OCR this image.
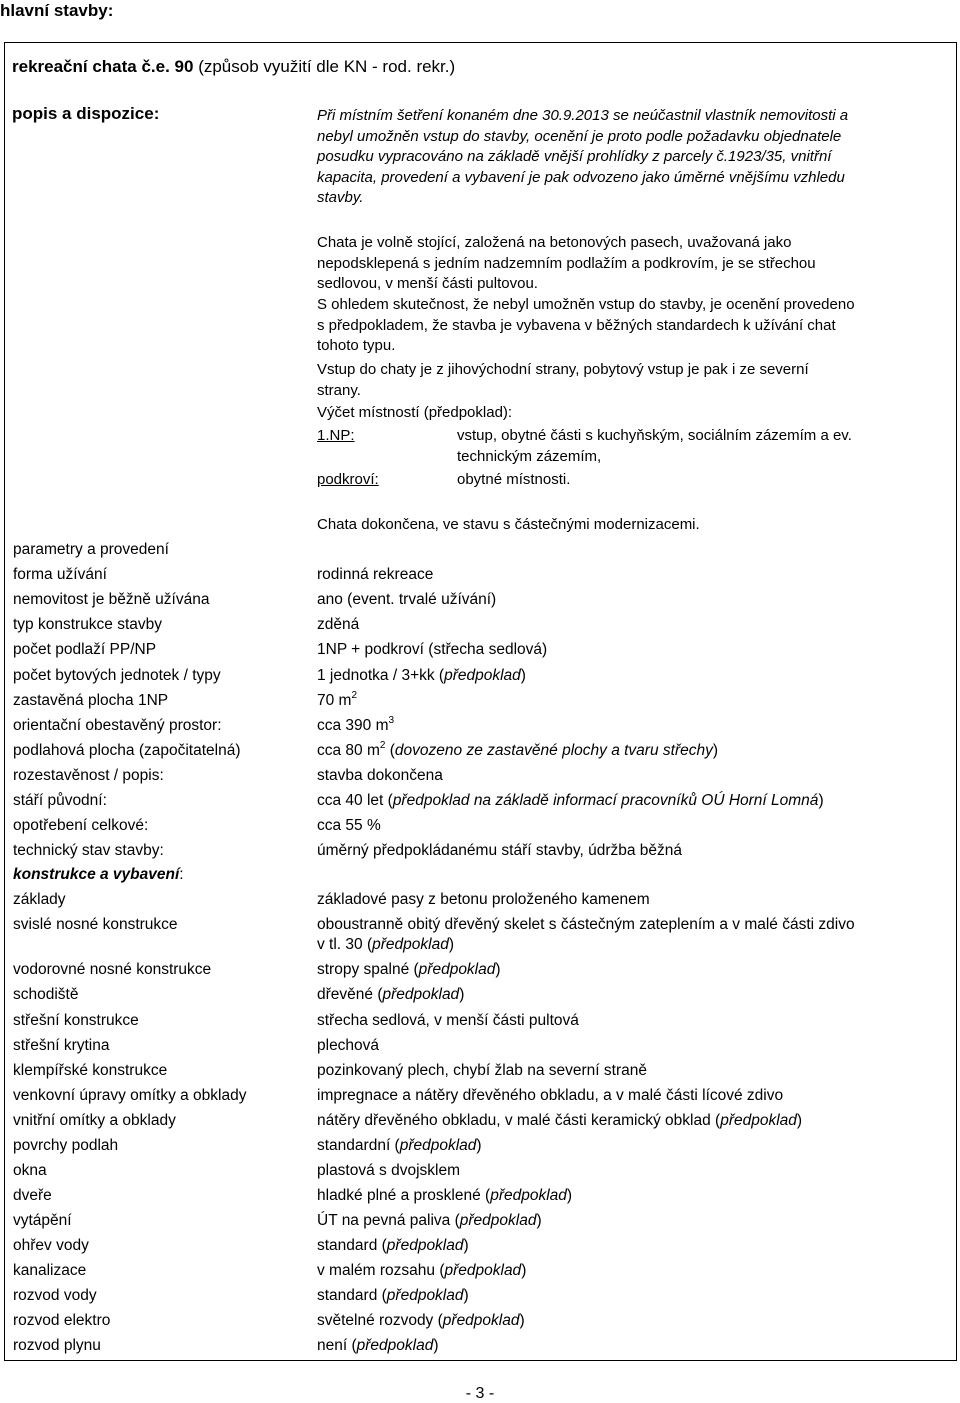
hlavní stavby:
rekreační chata č.e. 90 (způsob využití dle KN - rod. rekr.)
popis a dispozice:	Při místním šetření konaném dne 30.9.2013 se neúčastnil vlastník nemovitosti a
nebyl umožněn vstup do stavby, ocenění je proto podle požadavku objednatele
posudku vypracováno na základě vnější prohlídky z parcely č.1923/35, vnitřní
kapacita, provedení a vybavení je pak odvozeno jako úměrné vnějšímu vzhledu
stavby.
Chata je volně stojící, založená na betonových pasech, uvažovaná jako
nepodsklepená s jedním nadzemním podlažím a podkrovím, je se střechou
sedlovou, v menší části pultovou.
S ohledem skutečnost, že nebyl umožněn vstup do stavby, je ocenění provedeno
s předpokladem, že stavba je vybavena v běžných standardech k užívání chat
tohoto typu.
Vstup do chaty je z jihovýchodní strany, pobytový vstup je pak i ze severní
strany.
Výčet místností (předpoklad):
1.NP:	vstup, obytné části s kuchyňským, sociálním zázemím a ev.
technickým zázemím,
podkroví:	obytné místnosti.
Chata dokončena, ve stavu s částečnými modernizacemi.
parametry a provedení
forma užívání	rodinná rekreace
nemovitost je běžně užívána	ano (event. trvalé užívání)
typ konstrukce stavby	zděná
počet podlaží PP/NP	1NP + podkroví (střecha sedlová)
počet bytových jednotek / typy	1 jednotka / 3+kk (předpoklad)
zastavěná plocha 1NP	70 $m^2$
orientační obestavěný prostor:	cca 390 $m^3$
podlahová plocha (započitatelná)	cca 80 $m^2$ (dovozeno ze zastavěné plochy a tvaru střechy)
rozestavěnost / popis:	stavba dokončena
stáří původní:	cca 40 let (předpoklad na základě informací pracovníků OÚ Horní Lomná)
opotřebení celkové:	cca 55 %
technický stav stavby:	úměrný předpokládanému stáří stavby, údržba běžná
konstrukce a vybavení:
základy	základové pasy z betonu proloženého kamenem
svislé nosné konstrukce	oboustranně obitý dřevěný skelet s částečným zateplením a v malé části zdivo
v tl. 30 (předpoklad)
vodorovné nosné konstrukce	stropy spalné (předpoklad)
schodiště	dřevěné (předpoklad)
střešní konstrukce	střecha sedlová, v menší části pultová
střešní krytina	plechová
klempířské konstrukce	pozinkovaný plech, chybí žlab na severní straně
venkovní úpravy omítky a obklady	impregnace a nátěry dřevěného obkladu, a v malé části lícové zdivo
vnitřní omítky a obklady	nátěry dřevěného obkladu, v malé části keramický obklad (předpoklad)
povrchy podlah	standardní (předpoklad)
okna	plastová s dvojsklem
dveře	hladké plné a prosklené (předpoklad)
vytápění	ÚT na pevná paliva (předpoklad)
ohřev vody	standard (předpoklad)
kanalizace	v malém rozsahu (předpoklad)
rozvod vody	standard (předpoklad)
rozvod elektro	světelné rozvody (předpoklad)
rozvod plynu	není (předpoklad)
- 3 -
